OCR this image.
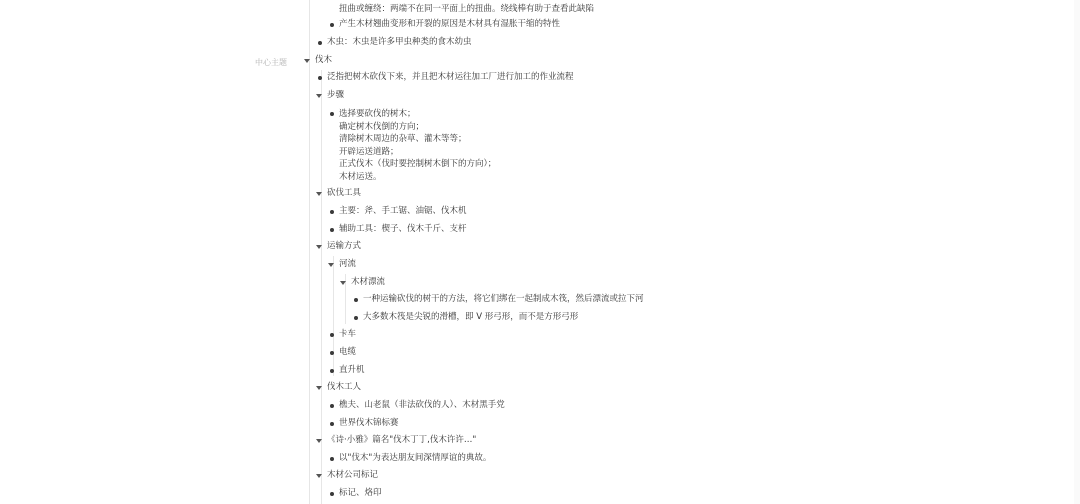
中心主题
扭曲或缠绕：两端不在同一平面上的扭曲。绕线棒有助于查看此缺陷
产生木材翘曲变形和开裂的原因是木材具有湿胀干缩的特性
木虫：木虫是许多甲虫种类的食木幼虫
伐木
泛指把树木砍伐下来，并且把木材运往加工厂进行加工的作业流程
步骤
选择要砍伐的树木；
确定树木伐倒的方向；
清除树木周边的杂草、灌木等等；
开辟运送道路；
正式伐木（伐时要控制树木倒下的方向）；
木材运送。
砍伐工具
主要：斧、手工锯、油锯、伐木机
辅助工具：楔子、伐木千斤、支杆
运输方式
河流
木材漂流
一种运输砍伐的树干的方法，将它们绑在一起制成木筏，然后漂流或拉下河
大多数木筏是尖锐的滑槽，即 V 形弓形，而不是方形弓形
卡车
电缆
直升机
伐木工人
樵夫、山老鼠（非法砍伐的人）、木材黑手党
世界伐木锦标赛
《诗·小雅》篇名"伐木丁丁,伐木许许…"
以"伐木"为表达朋友间深情厚谊的典故。
木材公司标记
标记、烙印
